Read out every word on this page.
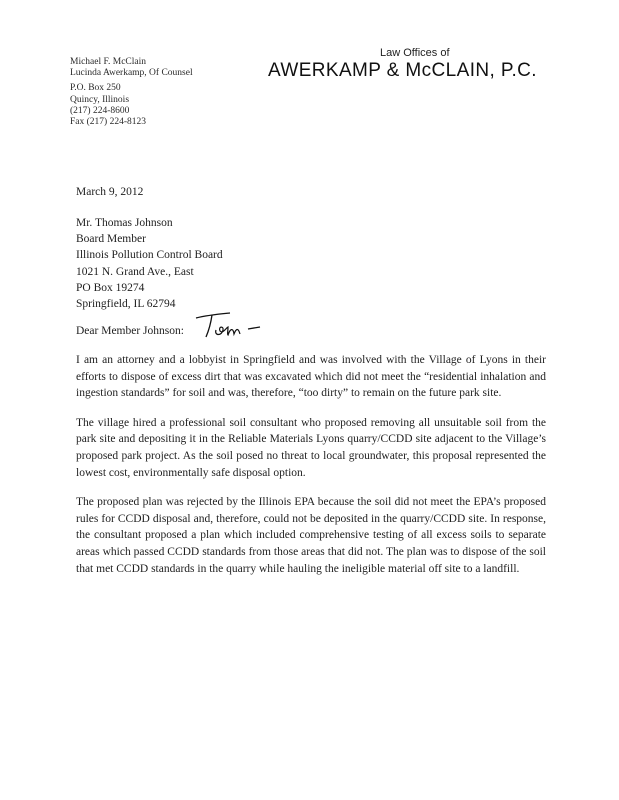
Michael F. McClain
Lucinda Awerkamp, Of Counsel
P.O. Box 250
Quincy, Illinois
(217) 224-8600
Fax (217) 224-8123
Law Offices of
AWERKAMP & McCLAIN, P.C.
March 9, 2012
Mr. Thomas Johnson
Board Member
Illinois Pollution Control Board
1021 N. Grand Ave., East
PO Box 19274
Springfield, IL 62794
Dear Member Johnson:

I am an attorney and a lobbyist in Springfield and was involved with the Village of Lyons in their efforts to dispose of excess dirt that was excavated which did not meet the “residential inhalation and ingestion standards” for soil and was, therefore, “too dirty” to remain on the future park site.

The village hired a professional soil consultant who proposed removing all unsuitable soil from the park site and depositing it in the Reliable Materials Lyons quarry/CCDD site adjacent to the Village’s proposed park project. As the soil posed no threat to local groundwater, this proposal represented the lowest cost, environmentally safe disposal option.

The proposed plan was rejected by the Illinois EPA because the soil did not meet the EPA’s proposed rules for CCDD disposal and, therefore, could not be deposited in the quarry/CCDD site. In response, the consultant proposed a plan which included comprehensive testing of all excess soils to separate areas which passed CCDD standards from those areas that did not. The plan was to dispose of the soil that met CCDD standards in the quarry while hauling the ineligible material off site to a landfill.
